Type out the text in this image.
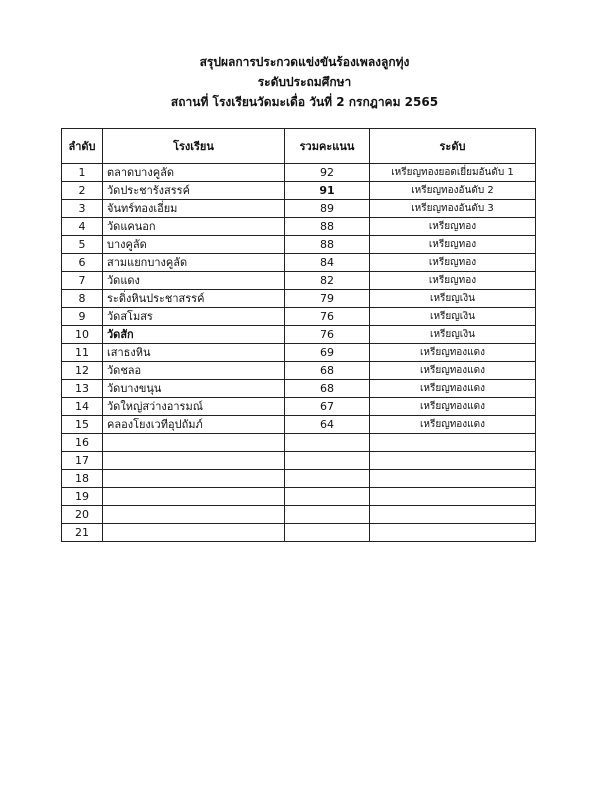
สรุปผลการประกวดแข่งขันร้องเพลงลูกทุ่ง
ระดับประถมศึกษา
สถานที่ โรงเรียนวัดมะเดื่อ วันที่ 2 กรกฎาคม 2565
ลำดับ	โรงเรียน	รวมคะแนน	ระดับ
1	ตลาดบางคูลัด	92	เหรียญทองยอดเยี่ยมอันดับ 1
2	วัดประชารังสรรค์	91	เหรียญทองอันดับ 2
3	จันทร์ทองเอี่ยม	89	เหรียญทองอันดับ 3
4	วัดแคนอก	88	เหรียญทอง
5	บางคูลัด	88	เหรียญทอง
6	สามแยกบางคูลัด	84	เหรียญทอง
7	วัดแดง	82	เหรียญทอง
8	ระดิ่งหินประชาสรรค์	79	เหรียญเงิน
9	วัดสโมสร	76	เหรียญเงิน
10	วัดสัก	76	เหรียญเงิน
11	เสาธงหิน	69	เหรียญทองแดง
12	วัดชลอ	68	เหรียญทองแดง
13	วัดบางขนุน	68	เหรียญทองแดง
14	วัดใหญ่สว่างอารมณ์	67	เหรียญทองแดง
15	คลองโยงเวทีอุปถัมภ์	64	เหรียญทองแดง
16			
17			
18			
19			
20			
21			
